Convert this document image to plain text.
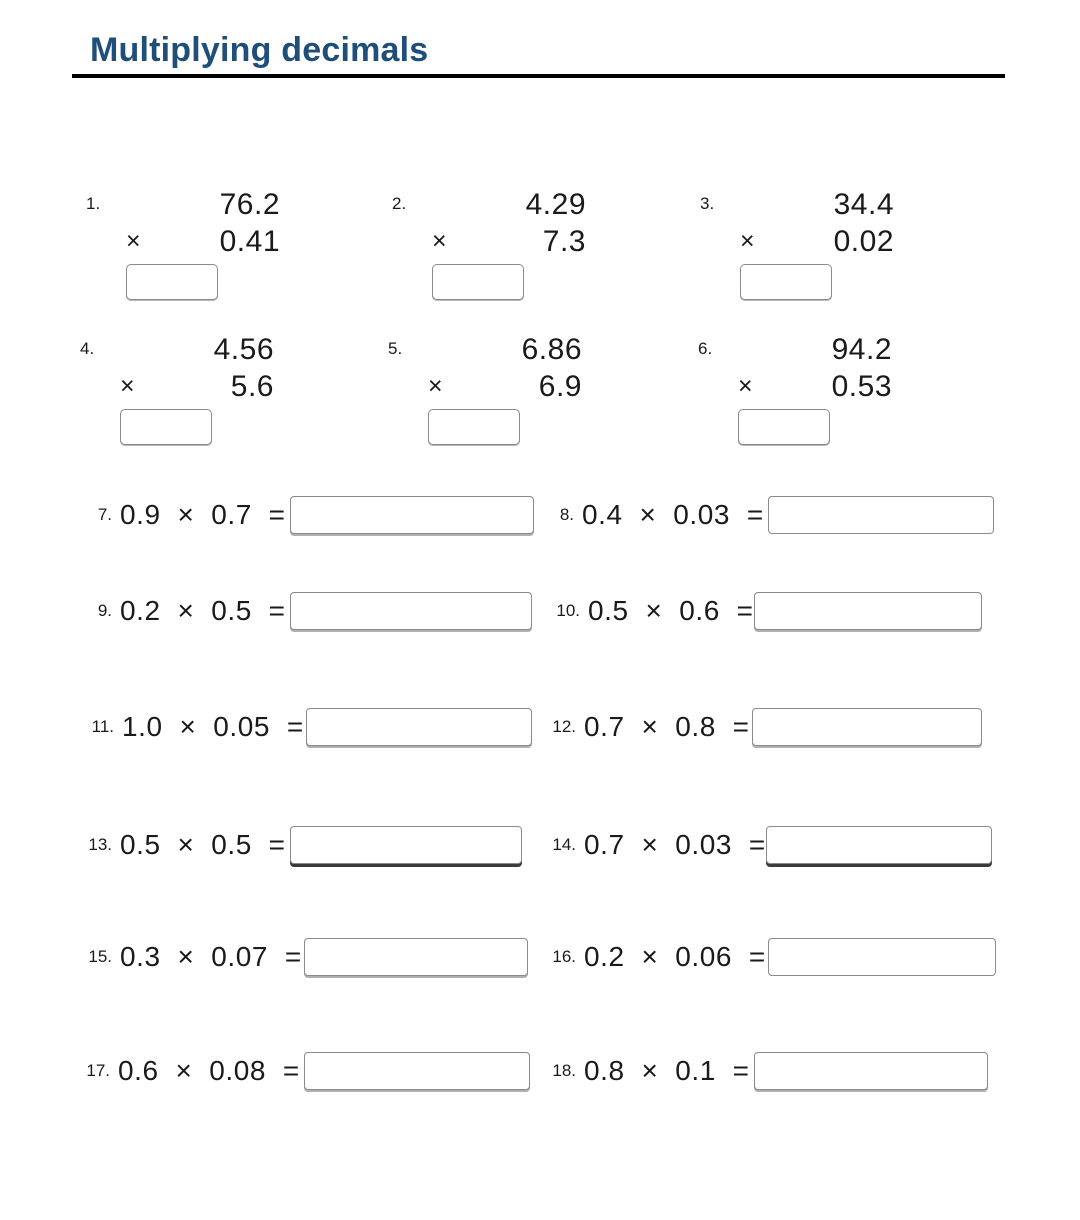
Multiplying decimals
1.	76.2
×	0.41
2.	4.29
×	7.3
3.	34.4
×	0.02
4.	4.56
×	5.6
5.	6.86
×	6.9
6.	94.2
×	0.53
7. 0.9  ×  0.7  =	8. 0.4  ×  0.03  =
9. 0.2  ×  0.5  =	10. 0.5  ×  0.6  =
11. 1.0  ×  0.05  =	12. 0.7  ×  0.8  =
13. 0.5  ×  0.5  =	14. 0.7  ×  0.03  =
15. 0.3  ×  0.07  =	16. 0.2  ×  0.06  =
17. 0.6  ×  0.08  =	18. 0.8  ×  0.1  =
